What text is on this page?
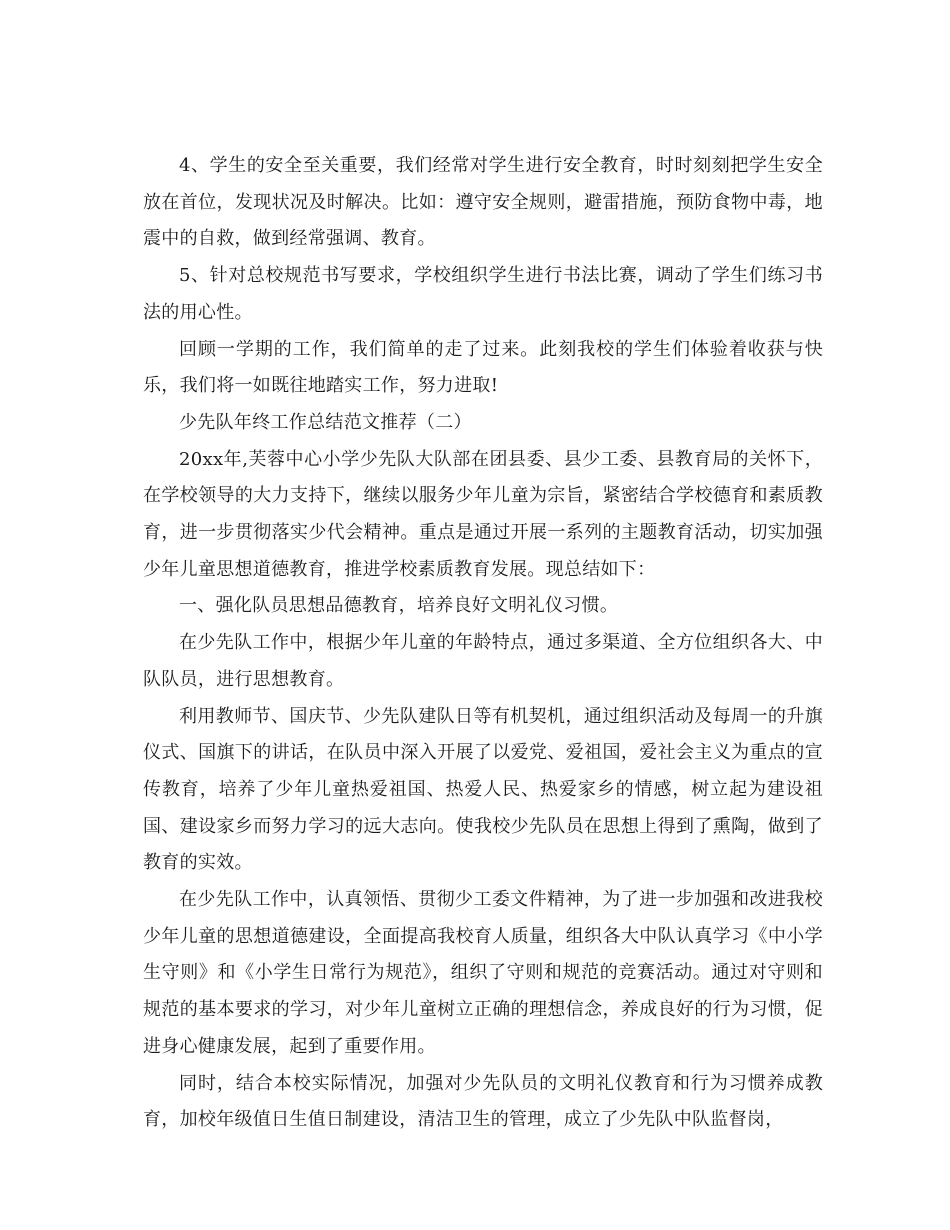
4、学生的安全至关重要，我们经常对学生进行安全教育，时时刻刻把学生安全放在首位，发现状况及时解决。比如：遵守安全规则，避雷措施，预防食物中毒，地震中的自救，做到经常强调、教育。

5、针对总校规范书写要求，学校组织学生进行书法比赛，调动了学生们练习书法的用心性。

回顾一学期的工作，我们简单的走了过来。此刻我校的学生们体验着收获与快乐，我们将一如既往地踏实工作，努力进取!

少先队年终工作总结范文推荐（二）

20xx年,芙蓉中心小学少先队大队部在团县委、县少工委、县教育局的关怀下，在学校领导的大力支持下，继续以服务少年儿童为宗旨，紧密结合学校德育和素质教育，进一步贯彻落实少代会精神。重点是通过开展一系列的主题教育活动，切实加强少年儿童思想道德教育，推进学校素质教育发展。现总结如下：

一、强化队员思想品德教育，培养良好文明礼仪习惯。

在少先队工作中，根据少年儿童的年龄特点，通过多渠道、全方位组织各大、中队队员，进行思想教育。

利用教师节、国庆节、少先队建队日等有机契机，通过组织活动及每周一的升旗仪式、国旗下的讲话，在队员中深入开展了以爱党、爱祖国，爱社会主义为重点的宣传教育，培养了少年儿童热爱祖国、热爱人民、热爱家乡的情感，树立起为建设祖国、建设家乡而努力学习的远大志向。使我校少先队员在思想上得到了熏陶，做到了教育的实效。

在少先队工作中，认真领悟、贯彻少工委文件精神，为了进一步加强和改进我校少年儿童的思想道德建设，全面提高我校育人质量，组织各大中队认真学习《中小学生守则》和《小学生日常行为规范》，组织了守则和规范的竞赛活动。通过对守则和规范的基本要求的学习，对少年儿童树立正确的理想信念，养成良好的行为习惯，促进身心健康发展，起到了重要作用。

同时，结合本校实际情况，加强对少先队员的文明礼仪教育和行为习惯养成教育，加校年级值日生值日制建设，清洁卫生的管理，成立了少先队中队监督岗，
